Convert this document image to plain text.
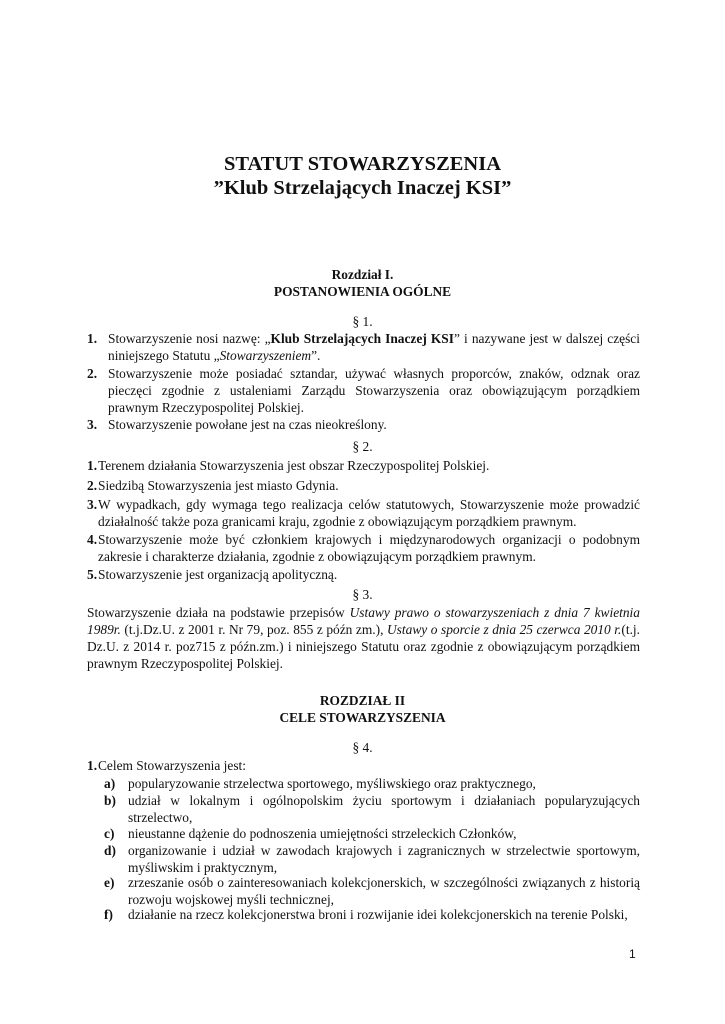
STATUT STOWARZYSZENIA
”Klub Strzelających Inaczej KSI”
Rozdział I.
POSTANOWIENIA OGÓLNE
§ 1.
1. Stowarzyszenie nosi nazwę: „Klub Strzelających Inaczej KSI” i nazywane jest w dalszej części niniejszego Statutu „Stowarzyszeniem”.
2. Stowarzyszenie może posiadać sztandar, używać własnych proporców, znaków, odznak oraz pieczęci zgodnie z ustaleniami Zarządu Stowarzyszenia oraz obowiązującym porządkiem prawnym Rzeczypospolitej Polskiej.
3. Stowarzyszenie powołane jest na czas nieokreślony.
§ 2.
1. Terenem działania Stowarzyszenia jest obszar Rzeczypospolitej Polskiej.
2. Siedzibą Stowarzyszenia jest miasto Gdynia.
3. W wypadkach, gdy wymaga tego realizacja celów statutowych, Stowarzyszenie może prowadzić działalność także poza granicami kraju, zgodnie z obowiązującym porządkiem prawnym.
4. Stowarzyszenie może być członkiem krajowych i międzynarodowych organizacji o podobnym zakresie i charakterze działania, zgodnie z obowiązującym porządkiem prawnym.
5. Stowarzyszenie jest organizacją apolityczną.
§ 3.
Stowarzyszenie działa na podstawie przepisów Ustawy prawo o stowarzyszeniach z dnia 7 kwietnia 1989r. (t.j.Dz.U. z 2001 r. Nr 79, poz. 855 z późn zm.), Ustawy o sporcie z dnia 25 czerwca 2010 r.(t.j. Dz.U. z 2014 r. poz715 z późn.zm.) i niniejszego Statutu oraz zgodnie z obowiązującym porządkiem prawnym Rzeczypospolitej Polskiej.
ROZDZIAŁ II
CELE STOWARZYSZENIA
§ 4.
1. Celem Stowarzyszenia jest:
a) popularyzowanie strzelectwa sportowego, myśliwskiego oraz praktycznego,
b) udział w lokalnym i ogólnopolskim życiu sportowym i działaniach popularyzujących strzelectwo,
c) nieustanne dążenie do podnoszenia umiejętności strzeleckich Członków,
d) organizowanie i udział w zawodach krajowych i zagranicznych w strzelectwie sportowym, myśliwskim i praktycznym,
e) zrzeszanie osób o zainteresowaniach kolekcjonerskich, w szczególności związanych z historią rozwoju wojskowej myśli technicznej,
f) działanie na rzecz kolekcjonerstwa broni i rozwijanie idei kolekcjonerskich na terenie Polski,
1
